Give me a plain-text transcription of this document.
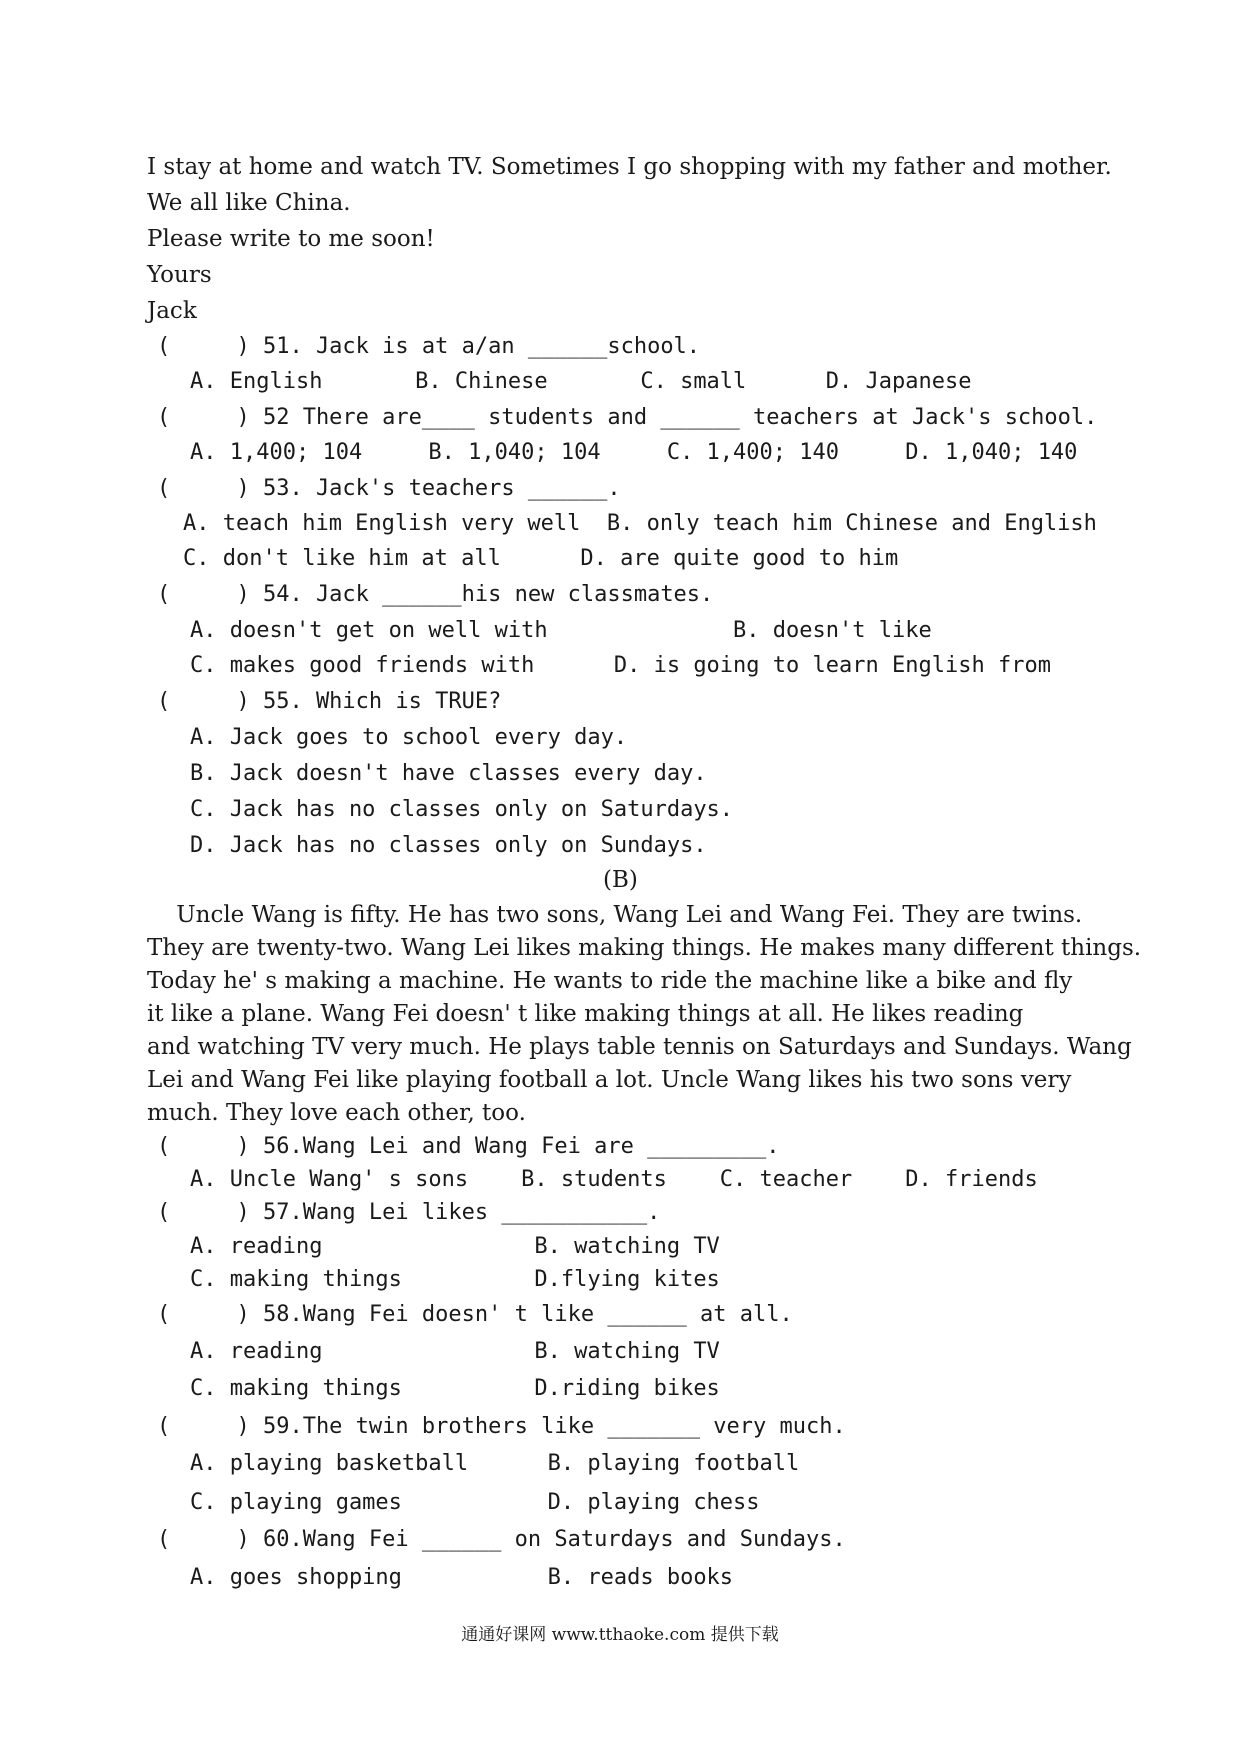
I stay at home and watch TV. Sometimes I go shopping with my father and mother.
We all like China.
Please write to me soon!
Yours
Jack
(     ) 51. Jack is at a/an ______school.
A. English       B. Chinese       C. small      D. Japanese
(     ) 52 There are____ students and ______ teachers at Jack's school.
A. 1,400; 104     B. 1,040; 104     C. 1,400; 140     D. 1,040; 140
(     ) 53. Jack's teachers ______.
A. teach him English very well  B. only teach him Chinese and English
C. don't like him at all      D. are quite good to him
(     ) 54. Jack ______his new classmates.
A. doesn't get on well with              B. doesn't like
C. makes good friends with      D. is going to learn English from
(     ) 55. Which is TRUE?
A. Jack goes to school every day.
B. Jack doesn't have classes every day.
C. Jack has no classes only on Saturdays.
D. Jack has no classes only on Sundays.
(B)
Uncle Wang is fifty. He has two sons, Wang Lei and Wang Fei. They are twins.
They are twenty-two. Wang Lei likes making things. He makes many different things.
Today he' s making a machine. He wants to ride the machine like a bike and fly
it like a plane. Wang Fei doesn' t like making things at all. He likes reading
and watching TV very much. He plays table tennis on Saturdays and Sundays. Wang
Lei and Wang Fei like playing football a lot. Uncle Wang likes his two sons very
much. They love each other, too.
(     ) 56.Wang Lei and Wang Fei are _________.
A. Uncle Wang' s sons    B. students    C. teacher    D. friends
(     ) 57.Wang Lei likes ___________.
A. reading                B. watching TV
C. making things          D.flying kites
(     ) 58.Wang Fei doesn' t like ______ at all.
A. reading                B. watching TV
C. making things          D.riding bikes
(     ) 59.The twin brothers like _______ very much.
A. playing basketball      B. playing football
C. playing games           D. playing chess
(     ) 60.Wang Fei ______ on Saturdays and Sundays.
A. goes shopping           B. reads books
通通好课网 www.tthaoke.com 提供下载
